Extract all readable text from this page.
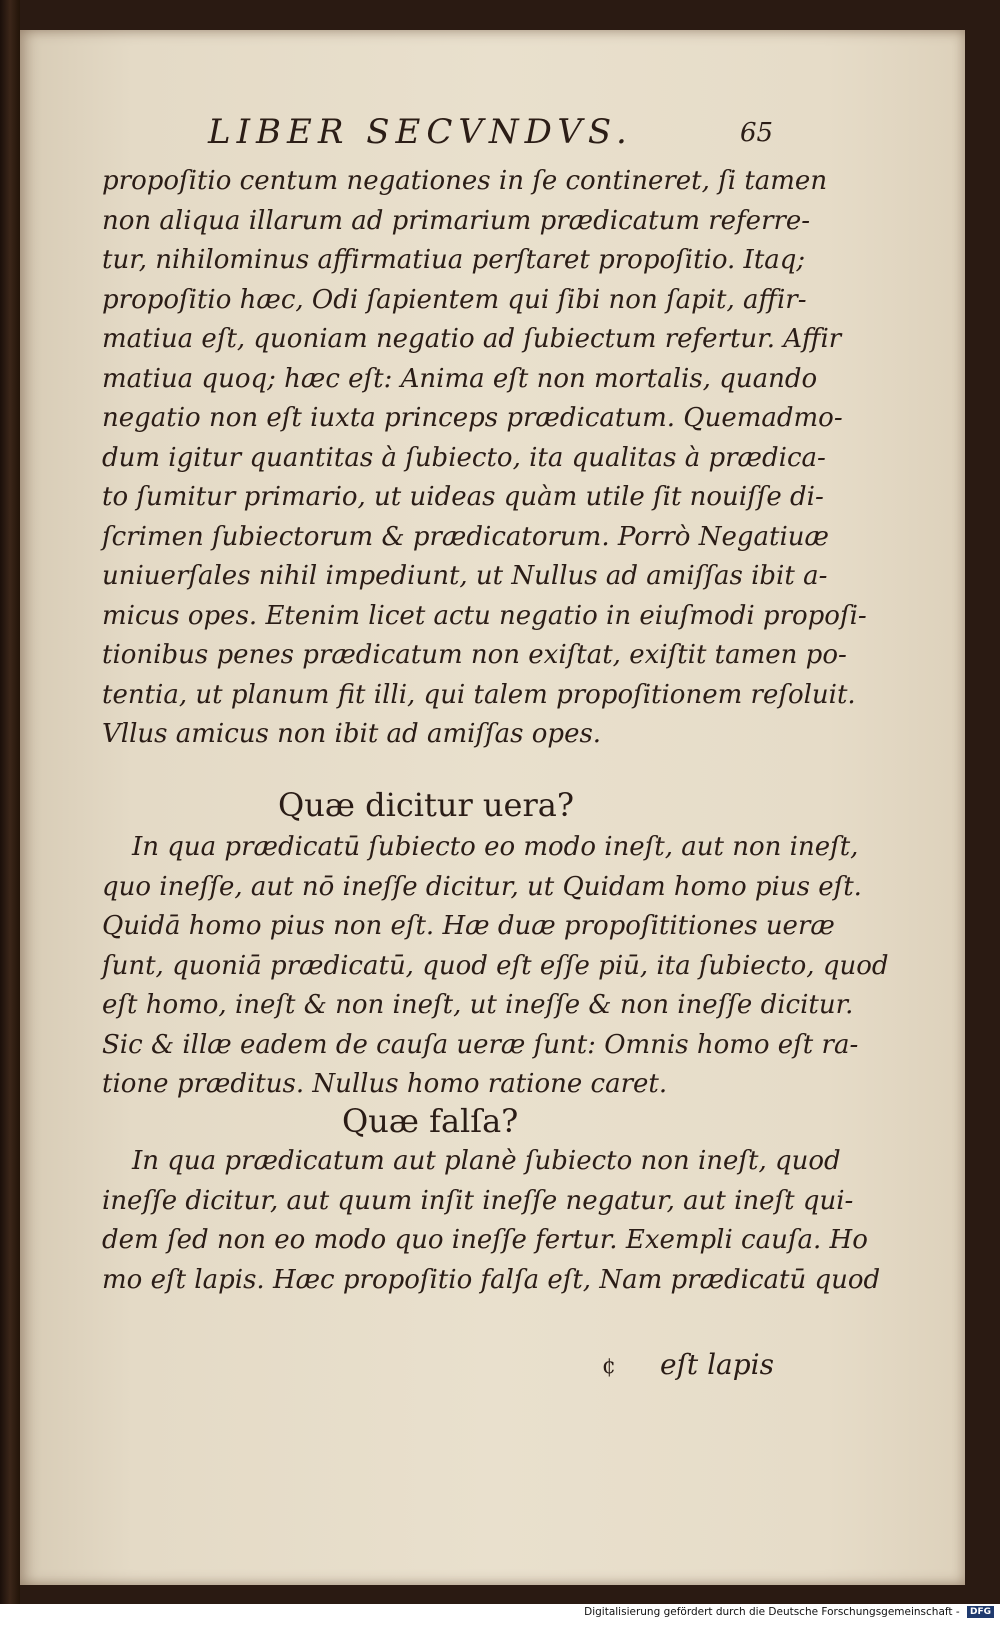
LIBER SECVNDVS.	65
propoſitio centum negationes in ſe contineret, ſi tamen
non aliqua illarum ad primarium prædicatum referre-
tur, nihilominus affirmatiua perſtaret propoſitio. Itaq;
propoſitio hæc, Odi ſapientem qui ſibi non ſapit, affir-
matiua eſt, quoniam negatio ad ſubiectum refertur. Affir
matiua quoq; hæc eſt: Anima eſt non mortalis, quando
negatio non eſt iuxta princeps prædicatum. Quemadmo-
dum igitur quantitas à ſubiecto, ita qualitas à prædica-
to ſumitur primario, ut uideas quàm utile ſit nouiſſe di-
ſcrimen ſubiectorum & prædicatorum. Porrò Negatiuæ
uniuerſales nihil impediunt, ut Nullus ad amiſſas ibit a-
micus opes. Etenim licet actu negatio in eiuſmodi propoſi-
tionibus penes prædicatum non exiſtat, exiſtit tamen po-
tentia, ut planum fit illi, qui talem propoſitionem reſoluit.
Vllus amicus non ibit ad amiſſas opes.
Quæ dicitur uera?
In qua prædicatū ſubiecto eo modo ineſt, aut non ineſt,
quo ineſſe, aut nō ineſſe dicitur, ut Quidam homo pius eſt.
Quidā homo pius non eſt. Hæ duæ propoſititiones ueræ
ſunt, quoniā prædicatū, quod eſt eſſe piū, ita ſubiecto, quod
eſt homo, ineſt & non ineſt, ut ineſſe & non ineſſe dicitur.
Sic & illæ eadem de cauſa ueræ ſunt: Omnis homo eſt ra-
tione præditus. Nullus homo ratione caret.
Quæ falſa?
In qua prædicatum aut planè ſubiecto non ineſt, quod
ineſſe dicitur, aut quum inſit ineſſe negatur, aut ineſt qui-
dem ſed non eo modo quo ineſſe fertur. Exempli cauſa. Ho
mo eſt lapis. Hæc propoſitio falſa eſt, Nam prædicatū quod
¢ eſt lapis
Digitalisierung gefördert durch die Deutsche Forschungsgemeinschaft - DFG
